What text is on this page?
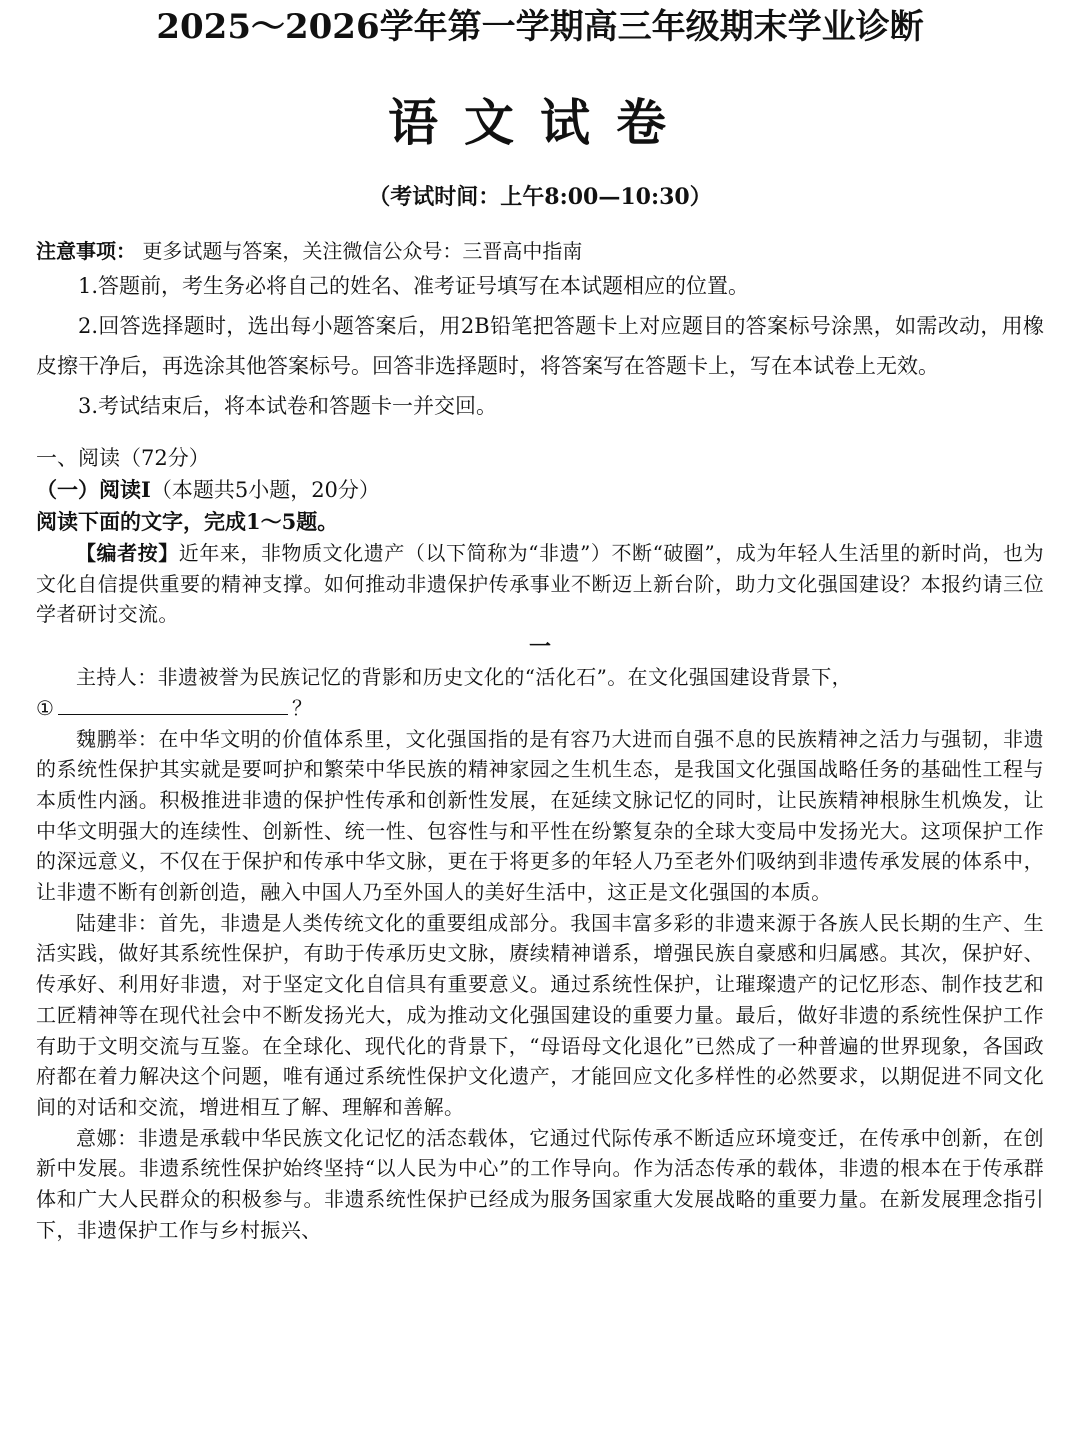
2025～2026学年第一学期高三年级期末学业诊断
语文试卷
（考试时间：上午8:00—10:30）
注意事项： 更多试题与答案，关注微信公众号：三晋高中指南

1.答题前，考生务必将自己的姓名、准考证号填写在本试题相应的位置。

2.回答选择题时，选出每小题答案后，用2B铅笔把答题卡上对应题目的答案标号涂黑，如需改动，用橡皮擦干净后，再选涂其他答案标号。回答非选择题时，将答案写在答题卡上，写在本试卷上无效。

3.考试结束后，将本试卷和答题卡一并交回。

一、阅读（72分）

（一）阅读Ⅰ（本题共5小题，20分）

阅读下面的文字，完成1～5题。

【编者按】近年来，非物质文化遗产（以下简称为“非遗”）不断“破圈”，成为年轻人生活里的新时尚，也为文化自信提供重要的精神支撑。如何推动非遗保护传承事业不断迈上新台阶，助力文化强国建设？本报约请三位学者研讨交流。

一

主持人：非遗被誉为民族记忆的背影和历史文化的“活化石”。在文化强国建设背景下，

①	？

魏鹏举：在中华文明的价值体系里，文化强国指的是有容乃大进而自强不息的民族精神之活力与强韧，非遗的系统性保护其实就是要呵护和繁荣中华民族的精神家园之生机生态，是我国文化强国战略任务的基础性工程与本质性内涵。积极推进非遗的保护性传承和创新性发展，在延续文脉记忆的同时，让民族精神根脉生机焕发，让中华文明强大的连续性、创新性、统一性、包容性与和平性在纷繁复杂的全球大变局中发扬光大。这项保护工作的深远意义，不仅在于保护和传承中华文脉，更在于将更多的年轻人乃至老外们吸纳到非遗传承发展的体系中，让非遗不断有创新创造，融入中国人乃至外国人的美好生活中，这正是文化强国的本质。

陆建非：首先，非遗是人类传统文化的重要组成部分。我国丰富多彩的非遗来源于各族人民长期的生产、生活实践，做好其系统性保护，有助于传承历史文脉，赓续精神谱系，增强民族自豪感和归属感。其次，保护好、传承好、利用好非遗，对于坚定文化自信具有重要意义。通过系统性保护，让璀璨遗产的记忆形态、制作技艺和工匠精神等在现代社会中不断发扬光大，成为推动文化强国建设的重要力量。最后，做好非遗的系统性保护工作有助于文明交流与互鉴。在全球化、现代化的背景下，“母语母文化退化”已然成了一种普遍的世界现象，各国政府都在着力解决这个问题，唯有通过系统性保护文化遗产，才能回应文化多样性的必然要求，以期促进不同文化间的对话和交流，增进相互了解、理解和善解。

意娜：非遗是承载中华民族文化记忆的活态载体，它通过代际传承不断适应环境变迁，在传承中创新，在创新中发展。非遗系统性保护始终坚持“以人民为中心”的工作导向。作为活态传承的载体，非遗的根本在于传承群体和广大人民群众的积极参与。非遗系统性保护已经成为服务国家重大发展战略的重要力量。在新发展理念指引下，非遗保护工作与乡村振兴、
